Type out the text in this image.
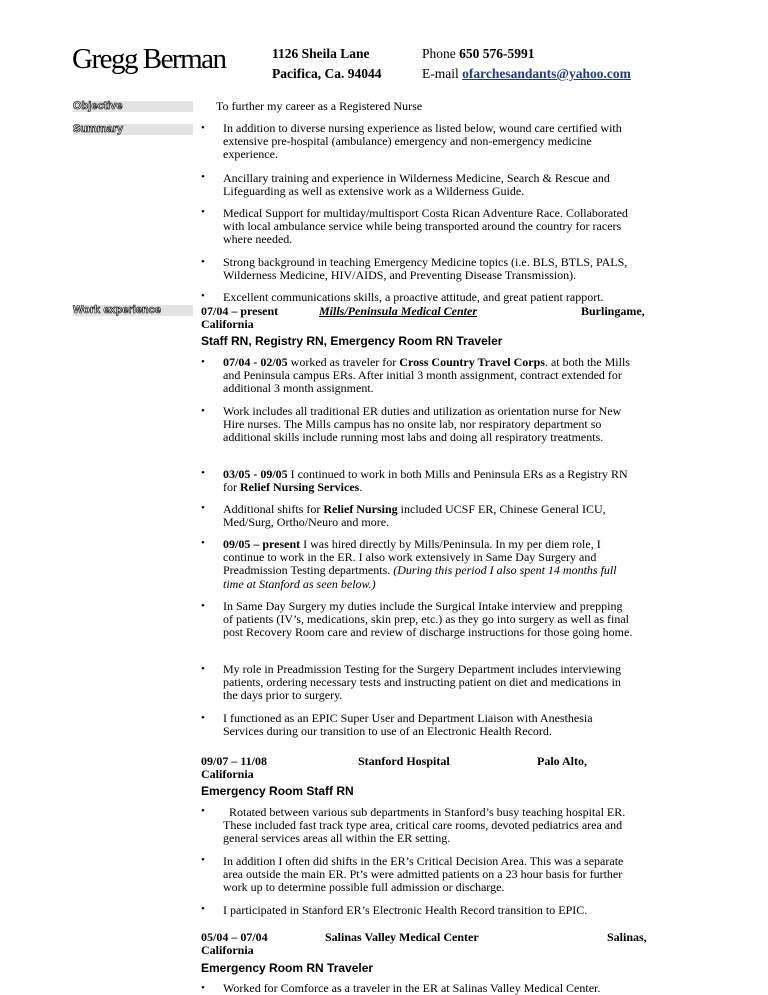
Gregg Berman	1126 Sheila Lane
Pacifica, Ca. 94044
Phone 650 576-5991
E-mail ofarchesandants@yahoo.com
Objective
Summary
Work experience
To further my career as a Registered Nurse
• In addition to diverse nursing experience as listed below, wound care certified with extensive pre-hospital (ambulance) emergency and non-emergency medicine experience.
• Ancillary training and experience in Wilderness Medicine, Search & Rescue and Lifeguarding as well as extensive work as a Wilderness Guide.
• Medical Support for multiday/multisport Costa Rican Adventure Race. Collaborated with local ambulance service while being transported around the country for racers where needed.
• Strong background in teaching Emergency Medicine topics (i.e. BLS, BTLS, PALS, Wilderness Medicine, HIV/AIDS, and Preventing Disease Transmission).
• Excellent communications skills, a proactive attitude, and great patient rapport.
07/04 – present	Mills/Peninsula Medical Center	Burlingame,
California
Staff RN, Registry RN, Emergency Room RN Traveler
• 07/04 - 02/05 worked as traveler for Cross Country Travel Corps. at both the Mills and Peninsula campus ERs. After initial 3 month assignment, contract extended for additional 3 month assignment.
• Work includes all traditional ER duties and utilization as orientation nurse for New Hire nurses. The Mills campus has no onsite lab, nor respiratory department so additional skills include running most labs and doing all respiratory treatments.
• 03/05 - 09/05 I continued to work in both Mills and Peninsula ERs as a Registry RN for Relief Nursing Services.
• Additional shifts for Relief Nursing included UCSF ER, Chinese General ICU, Med/Surg, Ortho/Neuro and more.
• 09/05 – present I was hired directly by Mills/Peninsula. In my per diem role, I continue to work in the ER. I also work extensively in Same Day Surgery and Preadmission Testing departments. (During this period I also spent 14 months full time at Stanford as seen below.)
• In Same Day Surgery my duties include the Surgical Intake interview and prepping of patients (IV’s, medications, skin prep, etc.) as they go into surgery as well as final post Recovery Room care and review of discharge instructions for those going home.
• My role in Preadmission Testing for the Surgery Department includes interviewing patients, ordering necessary tests and instructing patient on diet and medications in the days prior to surgery.
• I functioned as an EPIC Super User and Department Liaison with Anesthesia Services during our transition to use of an Electronic Health Record.
09/07 – 11/08	Stanford Hospital	Palo Alto,
California
Emergency Room Staff RN
• Rotated between various sub departments in Stanford’s busy teaching hospital ER. These included fast track type area, critical care rooms, devoted pediatrics area and general services areas all within the ER setting.
• In addition I often did shifts in the ER’s Critical Decision Area. This was a separate area outside the main ER. Pt’s were admitted patients on a 23 hour basis for further work up to determine possible full admission or discharge.
• I participated in Stanford ER’s Electronic Health Record transition to EPIC.
05/04 – 07/04	Salinas Valley Medical Center	Salinas,
California
Emergency Room RN Traveler
• Worked for Comforce as a traveler in the ER at Salinas Valley Medical Center.
